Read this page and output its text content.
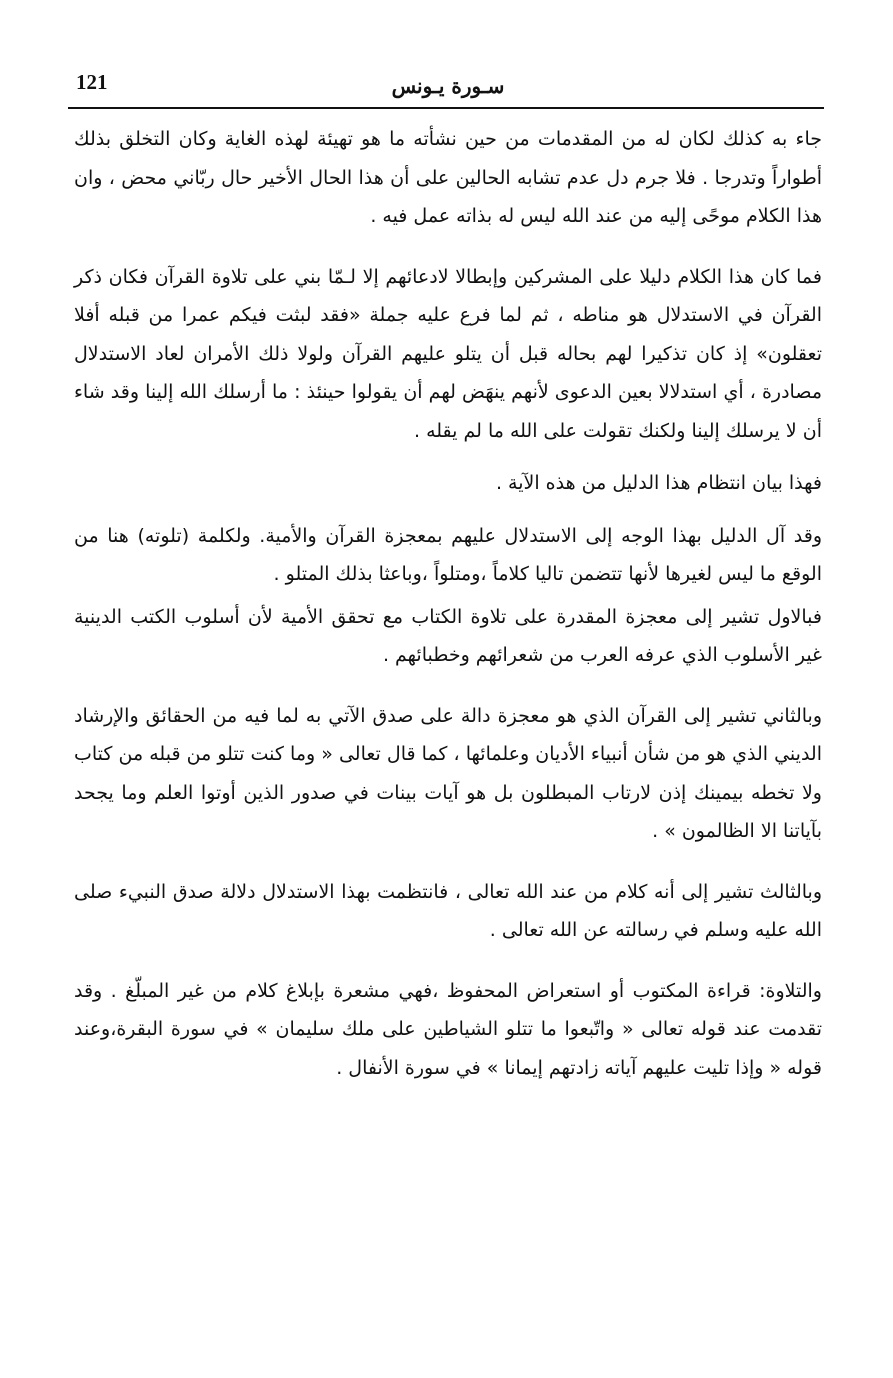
121	سـورة يـونس

جاء به كذلك لكان له من المقدمات من حين نشأته ما هو تهيئة لهذه الغاية وكان التخلق بذلك أطواراً وتدرجا . فلا جرم دل عدم تشابه الحالين على أن هذا الحال الأخير حال ربّاني محض ، وان هذا الكلام موحًى إليه من عند الله ليس له بذاته عمل فيه .

فما كان هذا الكلام دليلا على المشركين وإبطالا لادعائهم إلا لـمّا بني على تلاوة القرآن فكان ذكر القرآن في الاستدلال هو مناطه ، ثم لما فرع عليه جملة «فقد لبثت فيكم عمرا من قبله أفلا تعقلون» إذ كان تذكيرا لهم بحاله قبل أن يتلو عليهم القرآن ولولا ذلك الأمران لعاد الاستدلال مصادرة ، أي استدلالا بعين الدعوى لأنهم ينهَض لهم أن يقولوا حينئذ : ما أرسلك الله إلينا وقد شاء أن لا يرسلك إلينا ولكنك تقولت على الله ما لم يقله .

فهذا بيان انتظام هذا الدليل من هذه الآية .

وقد آل الدليل بهذا الوجه إلى الاستدلال عليهم بمعجزة القرآن والأمية. ولكلمة (تلوته) هنا من الوقع ما ليس لغيرها لأنها تتضمن تاليا كلاماً ،ومتلواً ،وباعثا بذلك المتلو .

فبالاول تشير إلى معجزة المقدرة على تلاوة الكتاب مع تحقق الأمية لأن أسلوب الكتب الدينية غير الأسلوب الذي عرفه العرب من شعرائهم وخطبائهم .

وبالثاني تشير إلى القرآن الذي هو معجزة دالة على صدق الآتي به لما فيه من الحقائق والإرشاد الديني الذي هو من شأن أنبياء الأديان وعلمائها ، كما قال تعالى « وما كنت تتلو من قبله من كتاب ولا تخطه بيمينك إذن لارتاب المبطلون بل هو آيات بينات في صدور الذين أوتوا العلم وما يجحد بآياتنا الا الظالمون » .

وبالثالث تشير إلى أنه كلام من عند الله تعالى ، فانتظمت بهذا الاستدلال دلالة صدق النبيء صلى الله عليه وسلم في رسالته عن الله تعالى .

والتلاوة: قراءة المكتوب أو استعراض المحفوظ ،فهي مشعرة بإبلاغ كلام من غير المبلّغ . وقد تقدمت عند قوله تعالى « واتّبعوا ما تتلو الشياطين على ملك سليمان » في سورة البقرة،وعند قوله « وإذا تليت عليهم آياته زادتهم إيمانا » في سورة الأنفال .
